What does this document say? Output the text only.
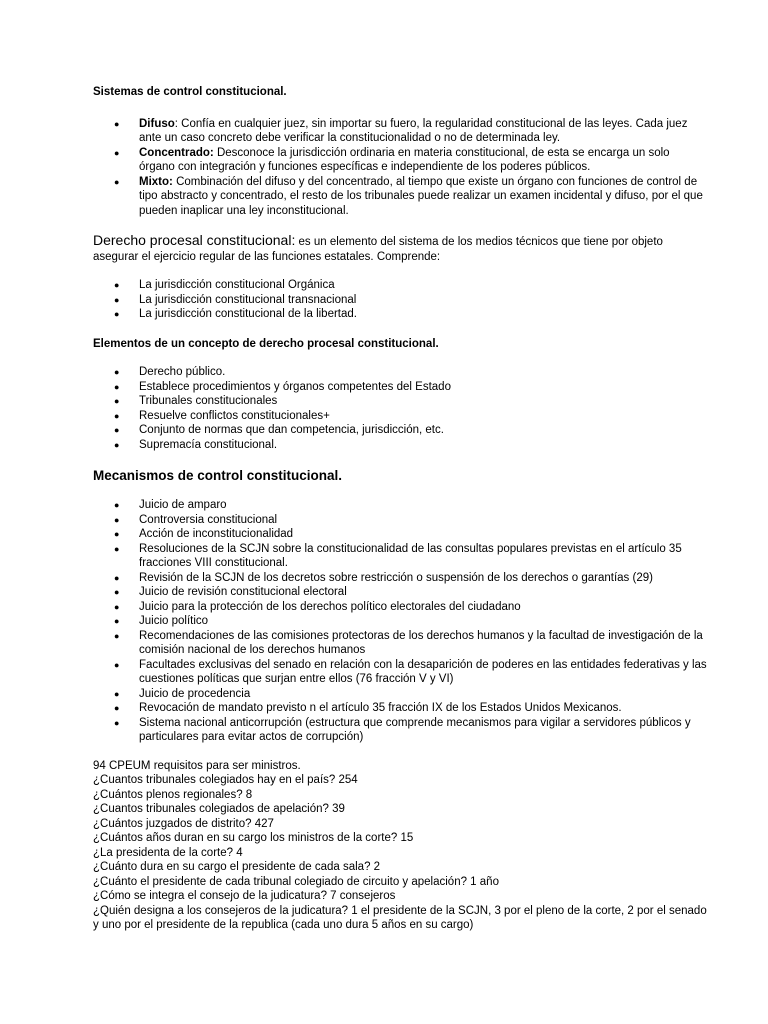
Sistemas de control constitucional.

● Difuso: Confía en cualquier juez, sin importar su fuero, la regularidad constitucional de las leyes. Cada juez ante un caso concreto debe verificar la constitucionalidad o no de determinada ley.
● Concentrado: Desconoce la jurisdicción ordinaria en materia constitucional, de esta se encarga un solo órgano con integración y funciones específicas e independiente de los poderes públicos.
● Mixto: Combinación del difuso y del concentrado, al tiempo que existe un órgano con funciones de control de tipo abstracto y concentrado, el resto de los tribunales puede realizar un examen incidental y difuso, por el que pueden inaplicar una ley inconstitucional.

Derecho procesal constitucional: es un elemento del sistema de los medios técnicos que tiene por objeto asegurar el ejercicio regular de las funciones estatales. Comprende:

● La jurisdicción constitucional Orgánica
● La jurisdicción constitucional transnacional
● La jurisdicción constitucional de la libertad.

Elementos de un concepto de derecho procesal constitucional.

● Derecho público.
● Establece procedimientos y órganos competentes del Estado
● Tribunales constitucionales
● Resuelve conflictos constitucionales+
● Conjunto de normas que dan competencia, jurisdicción, etc.
● Supremacía constitucional.

Mecanismos de control constitucional.

● Juicio de amparo
● Controversia constitucional
● Acción de inconstitucionalidad
● Resoluciones de la SCJN sobre la constitucionalidad de las consultas populares previstas en el artículo 35 fracciones VIII constitucional.
● Revisión de la SCJN de los decretos sobre restricción o suspensión de los derechos o garantías (29)
● Juicio de revisión constitucional electoral
● Juicio para la protección de los derechos político electorales del ciudadano
● Juicio político
● Recomendaciones de las comisiones protectoras de los derechos humanos y la facultad de investigación de la comisión nacional de los derechos humanos
● Facultades exclusivas del senado en relación con la desaparición de poderes en las entidades federativas y las cuestiones políticas que surjan entre ellos (76 fracción V y VI)
● Juicio de procedencia
● Revocación de mandato previsto n el artículo 35 fracción IX de los Estados Unidos Mexicanos.
● Sistema nacional anticorrupción (estructura que comprende mecanismos para vigilar a servidores públicos y particulares para evitar actos de corrupción)

94 CPEUM requisitos para ser ministros.

¿Cuantos tribunales colegiados hay en el país? 254

¿Cuántos plenos regionales? 8

¿Cuantos tribunales colegiados de apelación? 39

¿Cuántos juzgados de distrito? 427

¿Cuántos años duran en su cargo los ministros de la corte? 15

¿La presidenta de la corte? 4

¿Cuánto dura en su cargo el presidente de cada sala? 2

¿Cuánto el presidente de cada tribunal colegiado de circuito y apelación? 1 año

¿Cómo se integra el consejo de la judicatura? 7 consejeros

¿Quién designa a los consejeros de la judicatura? 1 el presidente de la SCJN, 3 por el pleno de la corte, 2 por el senado y uno por el presidente de la republica (cada uno dura 5 años en su cargo)
